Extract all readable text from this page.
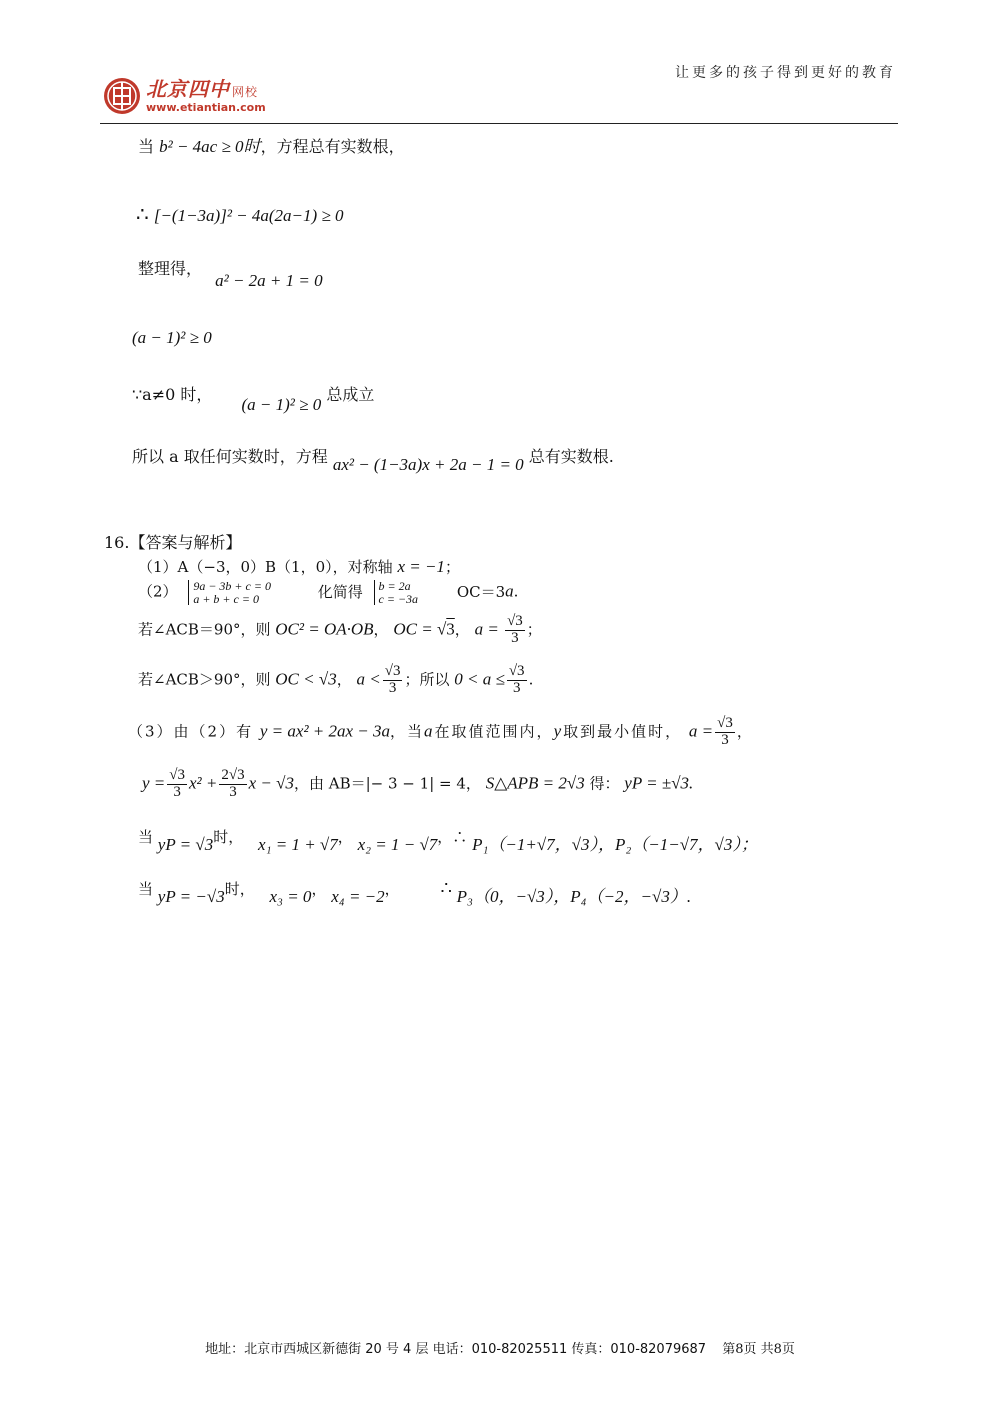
北京四中 网校
www.etiantian.com
让更多的孩子得到更好的教育
当 b² − 4ac ≥ 0时，方程总有实数根，
∴ [−(1−3a)]² − 4a(2a−1) ≥ 0
整理得， a² − 2a + 1 = 0
(a − 1)² ≥ 0
∵a≠0 时， (a − 1)² ≥ 0 总成立
所以 a 取任何实数时，方程 ax² − (1−3a)x + 2a − 1 = 0 总有实数根.
16.【答案与解析】
（1）A（−3，0）B（1，0），对称轴 x = −1；
（2） 9a − 3b + c = 0
a + b + c = 0	化简得 b = 2a
c = −3a	OC＝3a.
若∠ACB＝90°，则 OC² = OA·OB， OC = √3， $a = \frac{√3}{3}$ ；
若∠ACB＞90°，则 OC < √3， $a < \frac{√3}{3}$ ；所以 $0 < a \le \frac{√3}{3}$ .
（3）由（2）有 y = ax² + 2ax − 3a，当a在取值范围内，y取到最小值时， $a = \frac{√3}{3}$ ，
$y = \frac{√3}{3} x^2 + \frac{2√3}{3}$ x − √3，由 AB＝|− 3 − 1| = 4， S△APB = 2√3 得： yP = ±√3.
当 yP = √3时， x₁ = 1 + √7， x₂ = 1 − √7，∴ P₁（−1+√7，√3），P₂（−1−√7，√3）；
当 yP = −√3时， x₃ = 0， x₄ = −2， ∴ P₃（0，−√3），P₄（−2，−√3）.
地址：北京市西城区新德街 20 号 4 层 电话：010-82025511 传真：010-82079687 第8页 共8页
